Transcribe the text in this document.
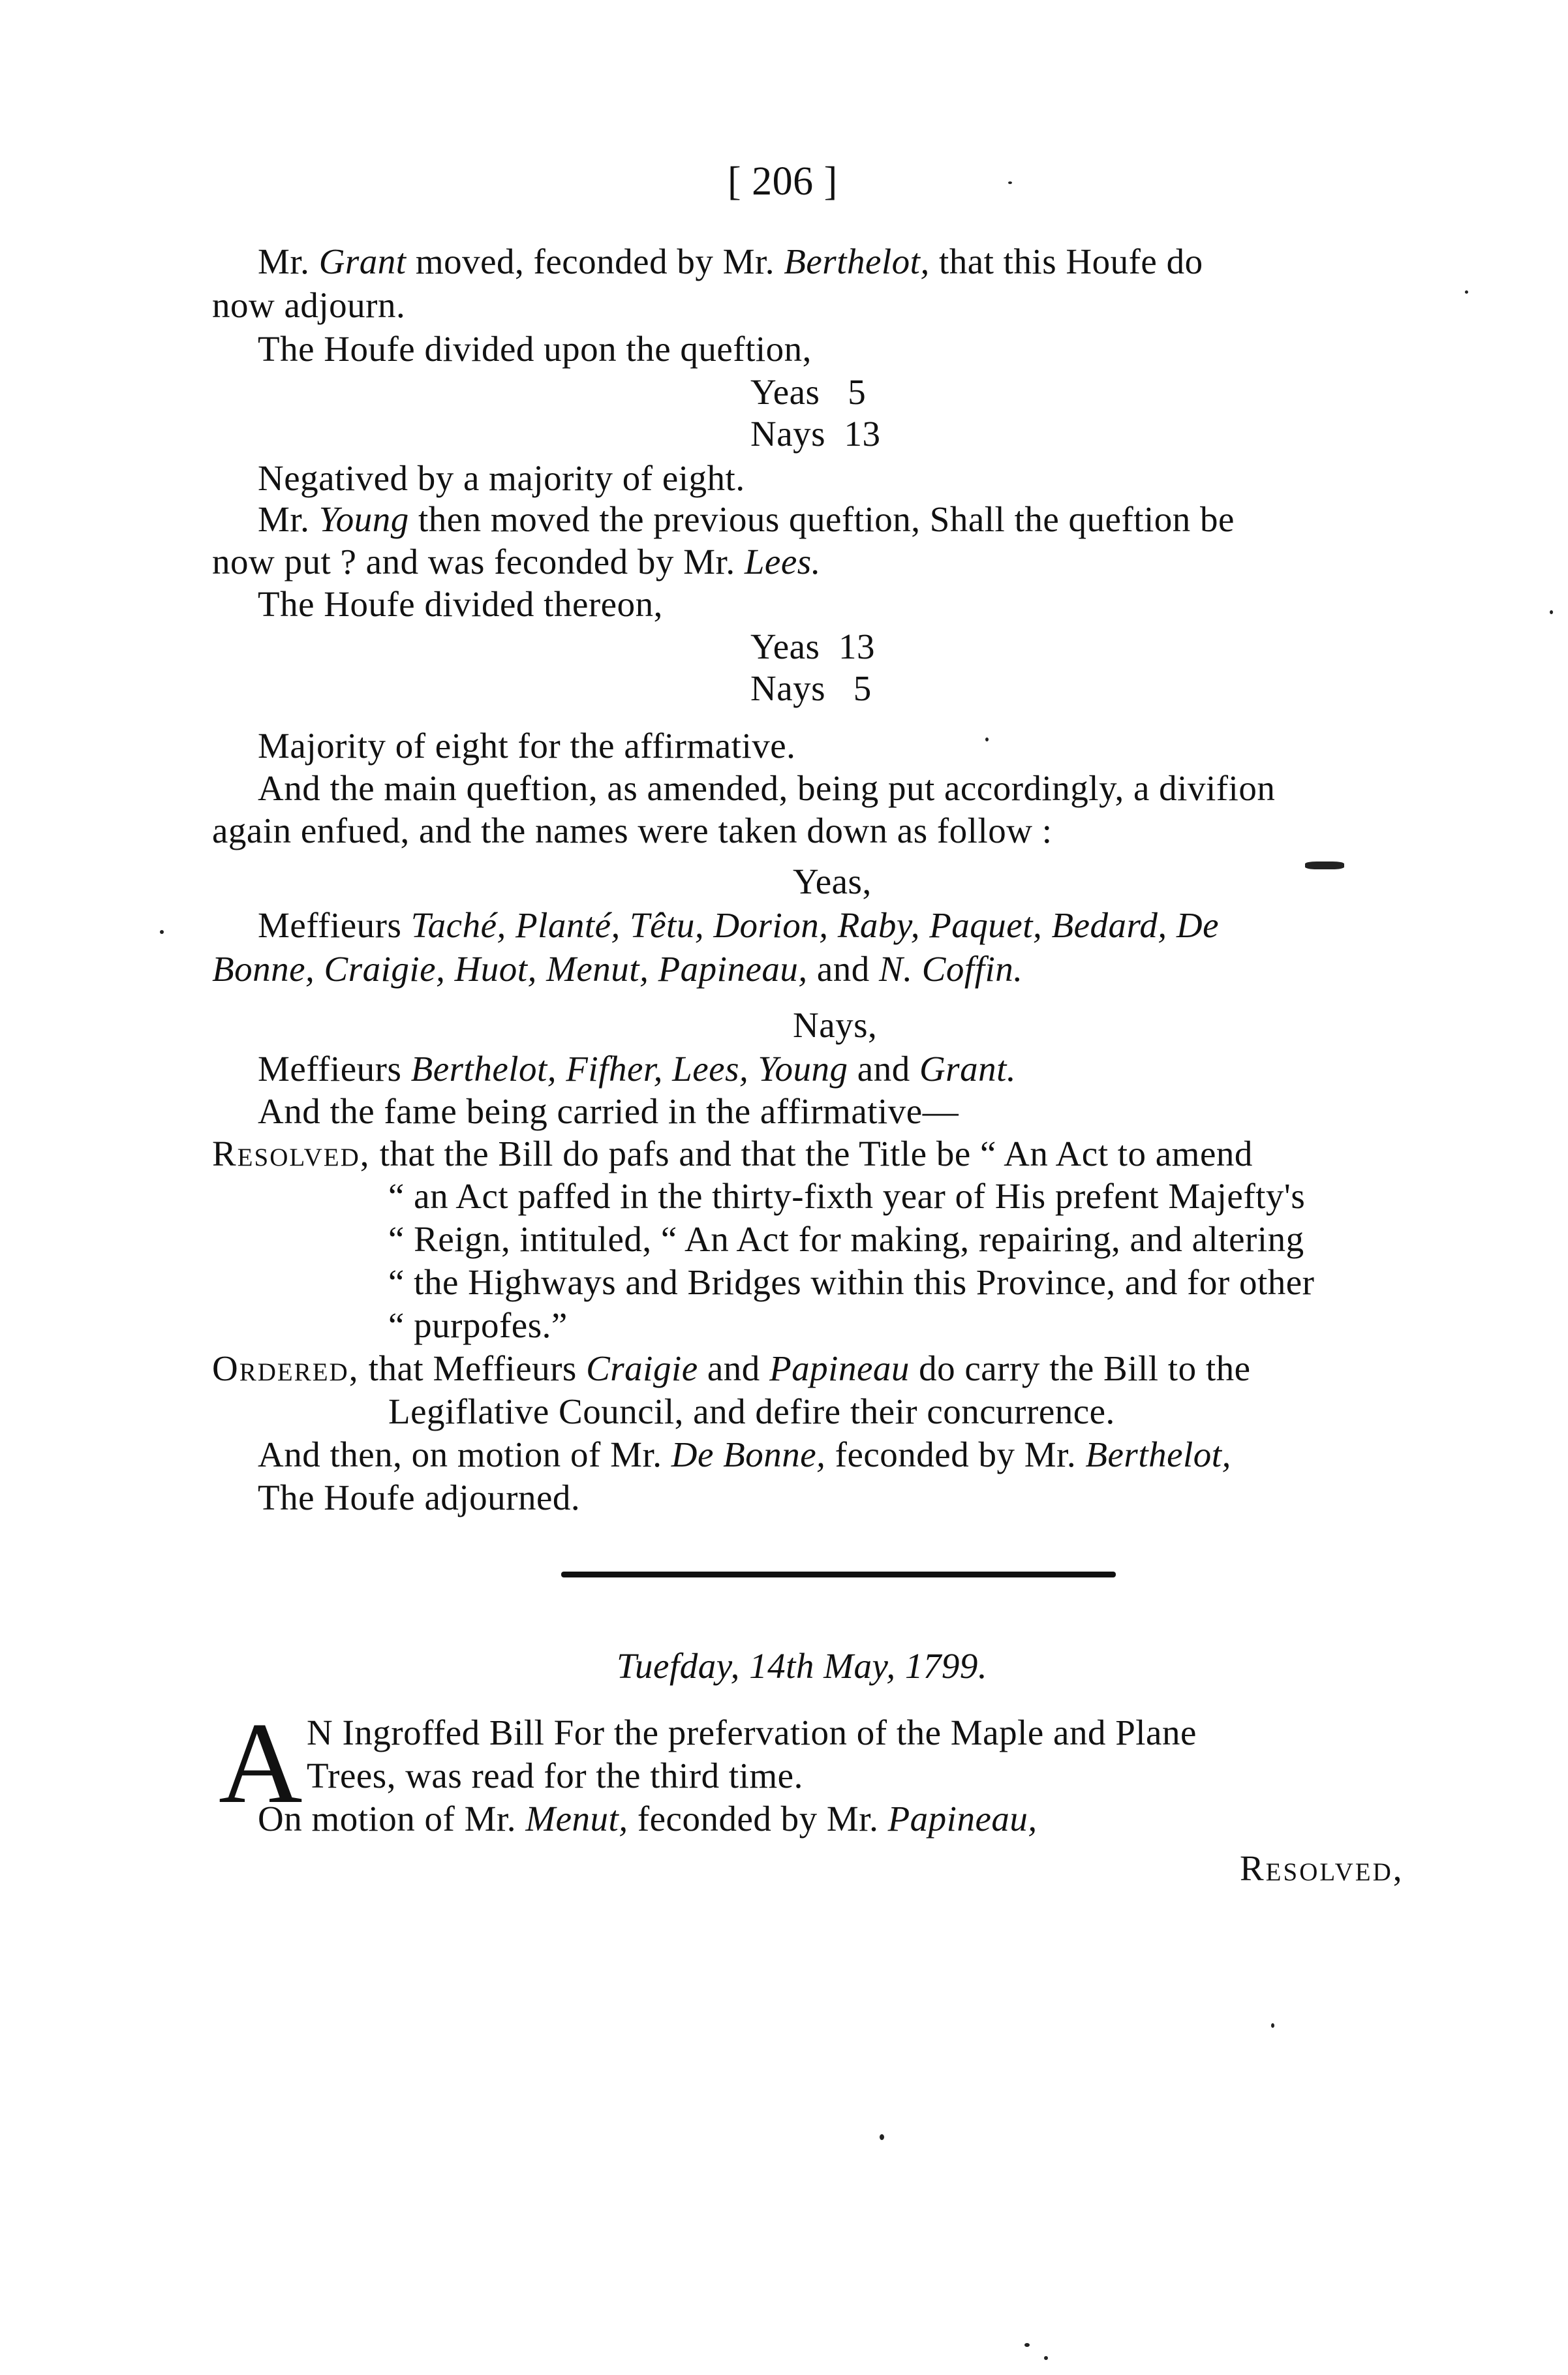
[ 206 ]
Mr. Grant moved, feconded by Mr. Berthelot, that this Houfe do
now adjourn.
The Houfe divided upon the queftion,
Yeas   5
Nays  13
Negatived by a majority of eight.
Mr. Young then moved the previous queftion, Shall the queftion be
now put ? and was feconded by Mr. Lees.
The Houfe divided thereon,
Yeas  13
Nays   5
Majority of eight for the affirmative.
And the main queftion, as amended, being put accordingly, a divifion
again enfued, and the names were taken down as follow :
Yeas,
Meffieurs Taché, Planté, Têtu, Dorion, Raby, Paquet, Bedard, De
Bonne, Craigie, Huot, Menut, Papineau, and N. Coffin.
Nays,
Meffieurs Berthelot, Fifher, Lees, Young and Grant.
And the fame being carried in the affirmative—
Resolved, that the Bill do pafs and that the Title be “ An Act to amend
“ an Act paffed in the thirty-fixth year of His prefent Majefty's
“ Reign, intituled, “ An Act for making, repairing, and altering
“ the Highways and Bridges within this Province, and for other
“ purpofes.”
Ordered, that Meffieurs Craigie and Papineau do carry the Bill to the
Legiflative Council, and defire their concurrence.
And then, on motion of Mr. De Bonne, feconded by Mr. Berthelot,
The Houfe adjourned.
Tuefday, 14th May, 1799.
A N Ingroffed Bill For the prefervation of the Maple and Plane
Trees, was read for the third time.
On motion of Mr. Menut, feconded by Mr. Papineau,
Resolved,
